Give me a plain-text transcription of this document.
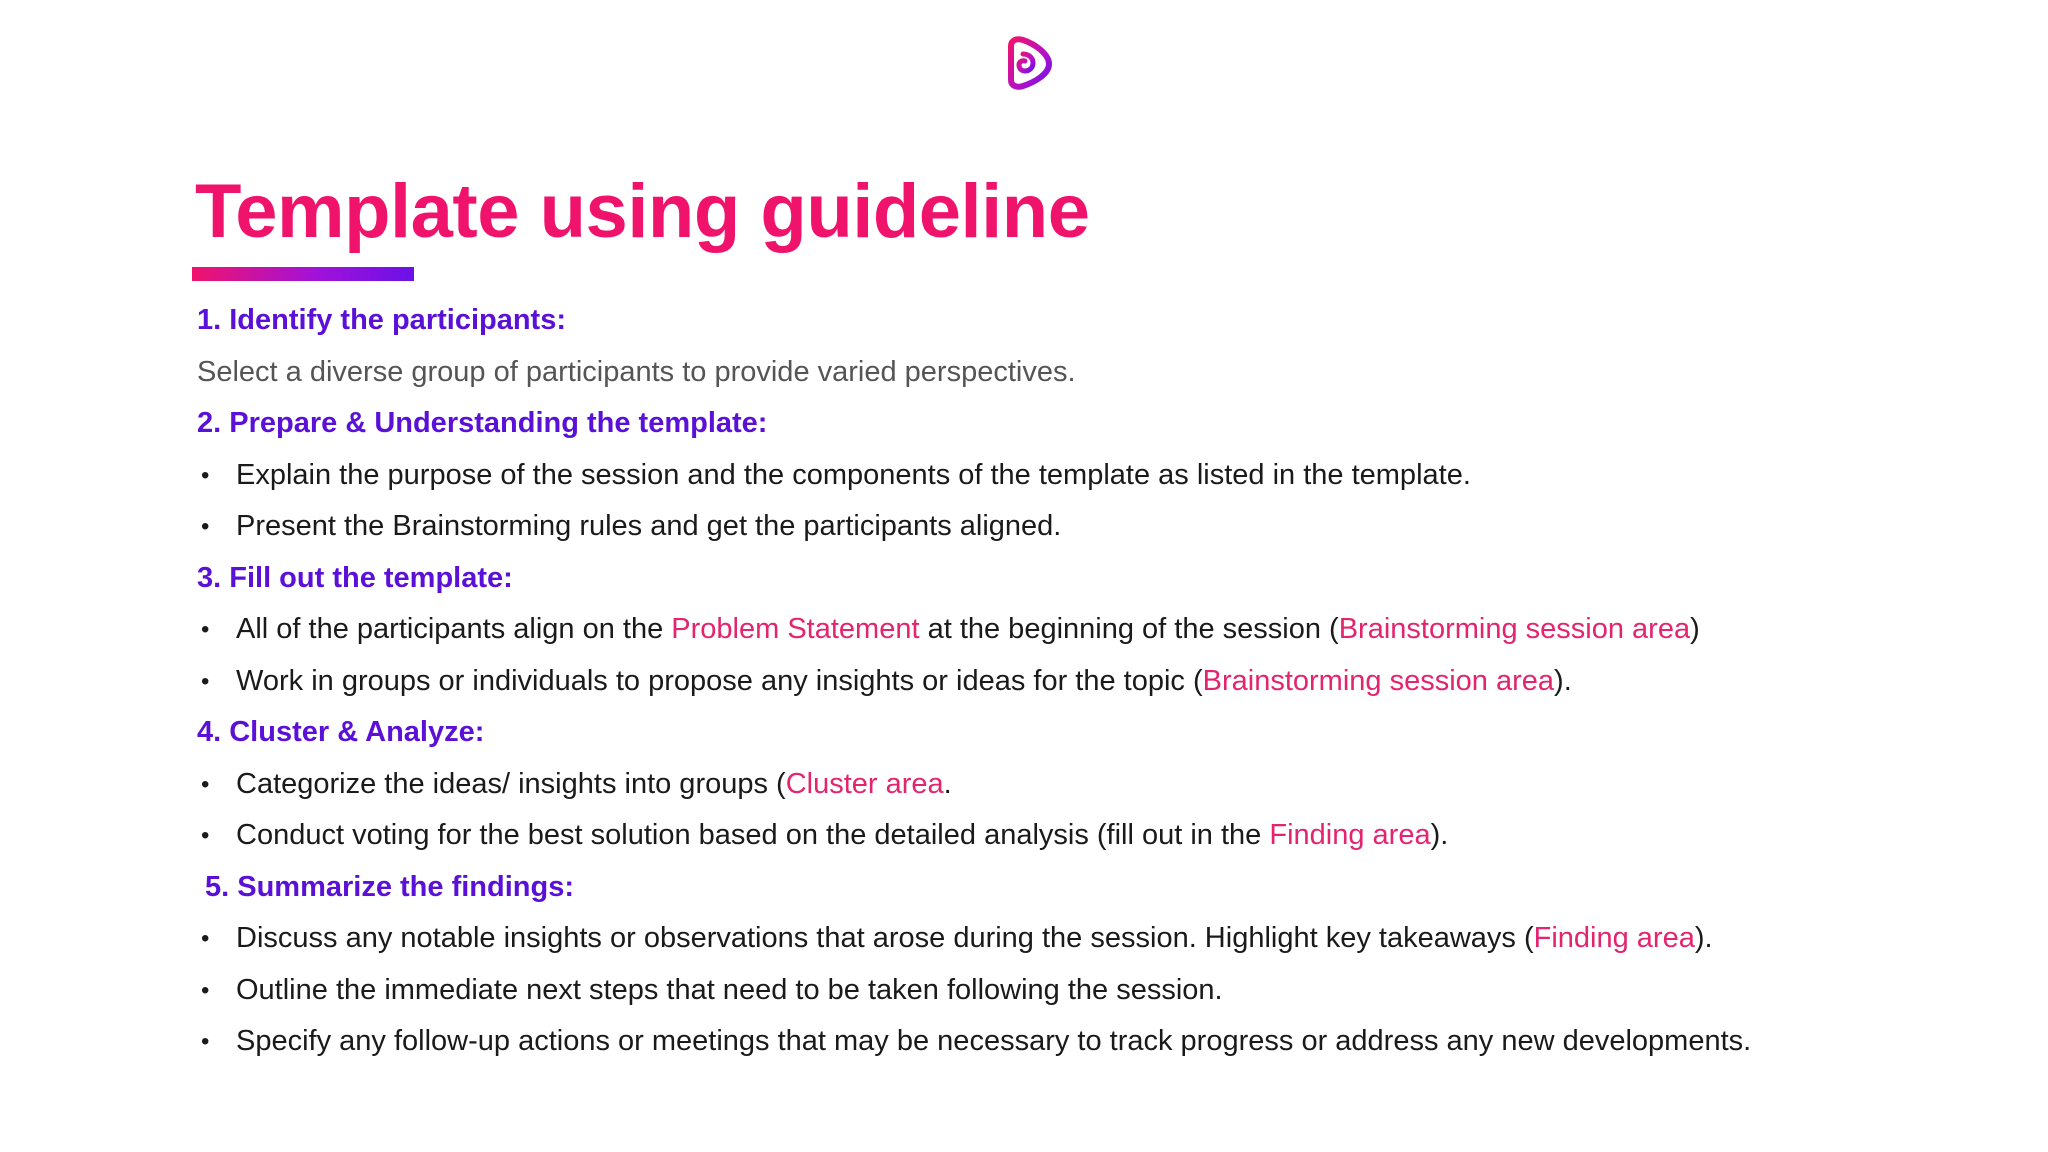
Template using guideline
1. Identify the participants:
Select a diverse group of participants to provide varied perspectives.
2. Prepare & Understanding the template:
• Explain the purpose of the session and the components of the template as listed in the template.
• Present the Brainstorming rules and get the participants aligned.
3. Fill out the template:
• All of the participants align on the Problem Statement at the beginning of the session (Brainstorming session area)
• Work in groups or individuals to propose any insights or ideas for the topic (Brainstorming session area).
4. Cluster & Analyze:
• Categorize the ideas/ insights into groups (Cluster area.
• Conduct voting for the best solution based on the detailed analysis (fill out in the Finding area).
5. Summarize the findings:
• Discuss any notable insights or observations that arose during the session. Highlight key takeaways (Finding area).
• Outline the immediate next steps that need to be taken following the session.
• Specify any follow-up actions or meetings that may be necessary to track progress or address any new developments.
